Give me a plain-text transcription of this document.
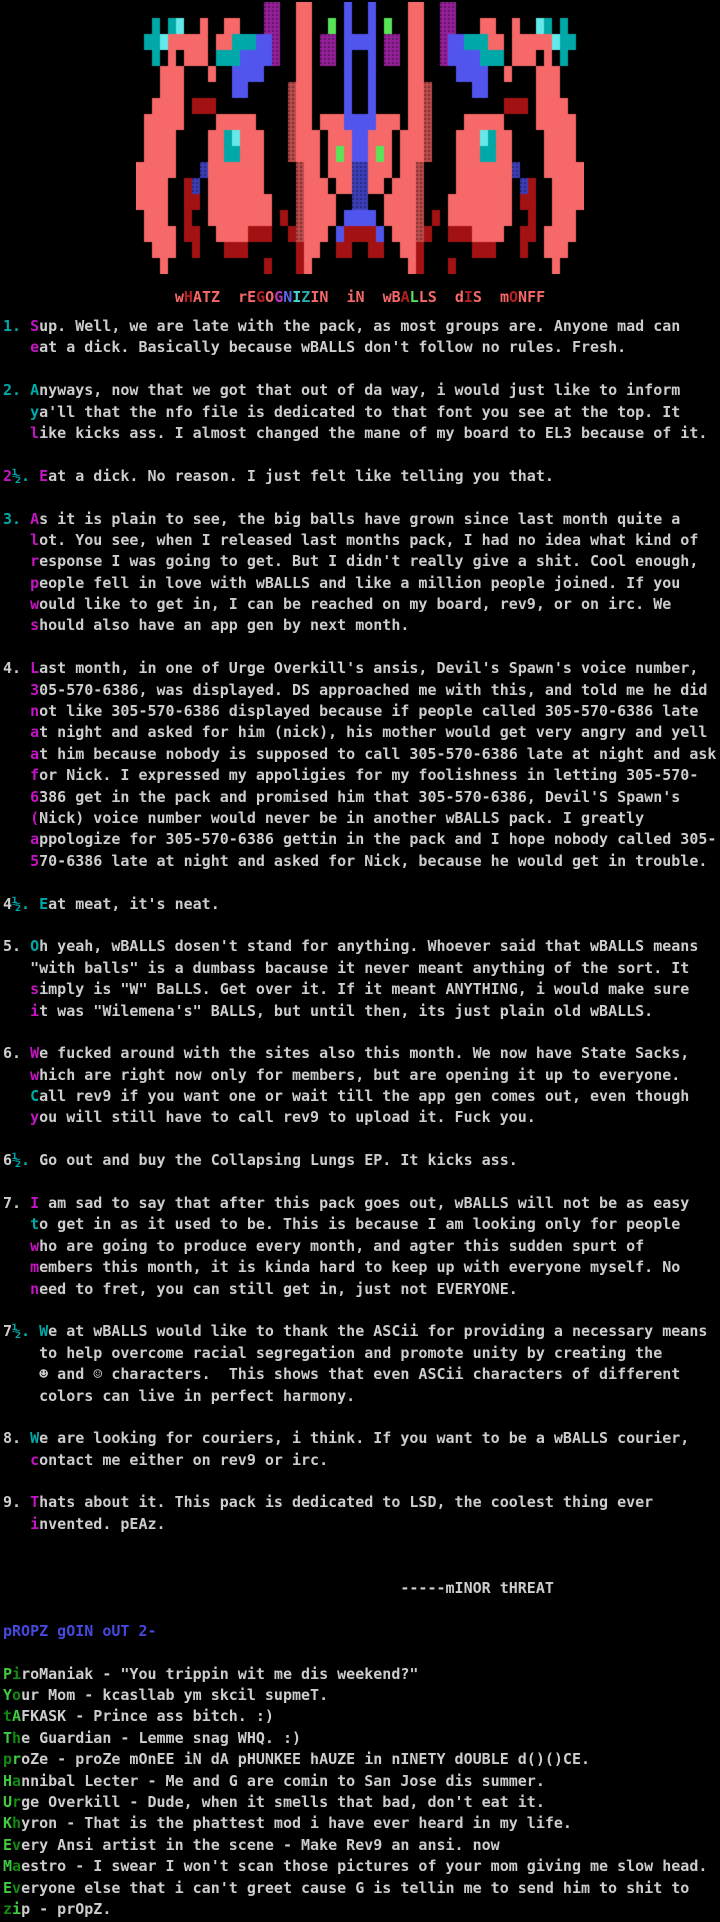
wHATZ rEGOGNIZIN iN wBALLS dIS mONFF
1. Sup. Well, we are late with the pack, as most groups are. Anyone mad can
eat a dick. Basically because wBALLS don't follow no rules. Fresh.

2. Anyways, now that we got that out of da way, i would just like to inform
ya'll that the nfo file is dedicated to that font you see at the top. It
like kicks ass. I almost changed the mane of my board to EL3 because of it.

2½. Eat a dick. No reason. I just felt like telling you that.

3. As it is plain to see, the big balls have grown since last month quite a
lot. You see, when I released last months pack, I had no idea what kind of
response I was going to get. But I didn't really give a shit. Cool enough,
people fell in love with wBALLS and like a million people joined. If you
would like to get in, I can be reached on my board, rev9, or on irc. We
should also have an app gen by next month.

4. Last month, in one of Urge Overkill's ansis, Devil's Spawn's voice number,
305-570-6386, was displayed. DS approached me with this, and told me he did
not like 305-570-6386 displayed because if people called 305-570-6386 late
at night and asked for him (nick), his mother would get very angry and yell
at him because nobody is supposed to call 305-570-6386 late at night and ask
for Nick. I expressed my appoligies for my foolishness in letting 305-570-
6386 get in the pack and promised him that 305-570-6386, Devil'S Spawn's
(Nick) voice number would never be in another wBALLS pack. I greatly
appologize for 305-570-6386 gettin in the pack and I hope nobody called 305-
570-6386 late at night and asked for Nick, because he would get in trouble.

4½. Eat meat, it's neat.

5. Oh yeah, wBALLS dosen't stand for anything. Whoever said that wBALLS means
"with balls" is a dumbass bacause it never meant anything of the sort. It
simply is "W" BaLLS. Get over it. If it meant ANYTHING, i would make sure
it was "Wilemena's" BALLS, but until then, its just plain old wBALLS.

6. We fucked around with the sites also this month. We now have State Sacks,
which are right now only for members, but are opening it up to everyone.
Call rev9 if you want one or wait till the app gen comes out, even though
you will still have to call rev9 to upload it. Fuck you.

6½. Go out and buy the Collapsing Lungs EP. It kicks ass.

7. I am sad to say that after this pack goes out, wBALLS will not be as easy
to get in as it used to be. This is because I am looking only for people
who are going to produce every month, and agter this sudden spurt of
members this month, it is kinda hard to keep up with everyone myself. No
need to fret, you can still get in, just not EVERYONE.

7½. We at wBALLS would like to thank the ASCii for providing a necessary means
to help overcome racial segregation and promote unity by creating the
☻ and ☺ characters.  This shows that even ASCii characters of different
colors can live in perfect harmony.

8. We are looking for couriers, i think. If you want to be a wBALLS courier,
contact me either on rev9 or irc.

9. Thats about it. This pack is dedicated to LSD, the coolest thing ever
invented. pEAz.

-----mINOR tHREAT

pROPZ gOIN oUT 2-

PiroManiak - "You trippin wit me dis weekend?"
Your Mom - kcasllab ym skcil supmeT.
tAFKASK - Prince ass bitch. :)
The Guardian - Lemme snag WHQ. :)
proZe - proZe mOnEE iN dA pHUNKEE hAUZE in nINETY dOUBLE d()()CE.
Hannibal Lecter - Me and G are comin to San Jose dis summer.
Urge Overkill - Dude, when it smells that bad, don't eat it.
Khyron - That is the phattest mod i have ever heard in my life.
Every Ansi artist in the scene - Make Rev9 an ansi. now
Maestro - I swear I won't scan those pictures of your mom giving me slow head.
Everyone else that i can't greet cause G is tellin me to send him to shit to
zip - prOpZ.
